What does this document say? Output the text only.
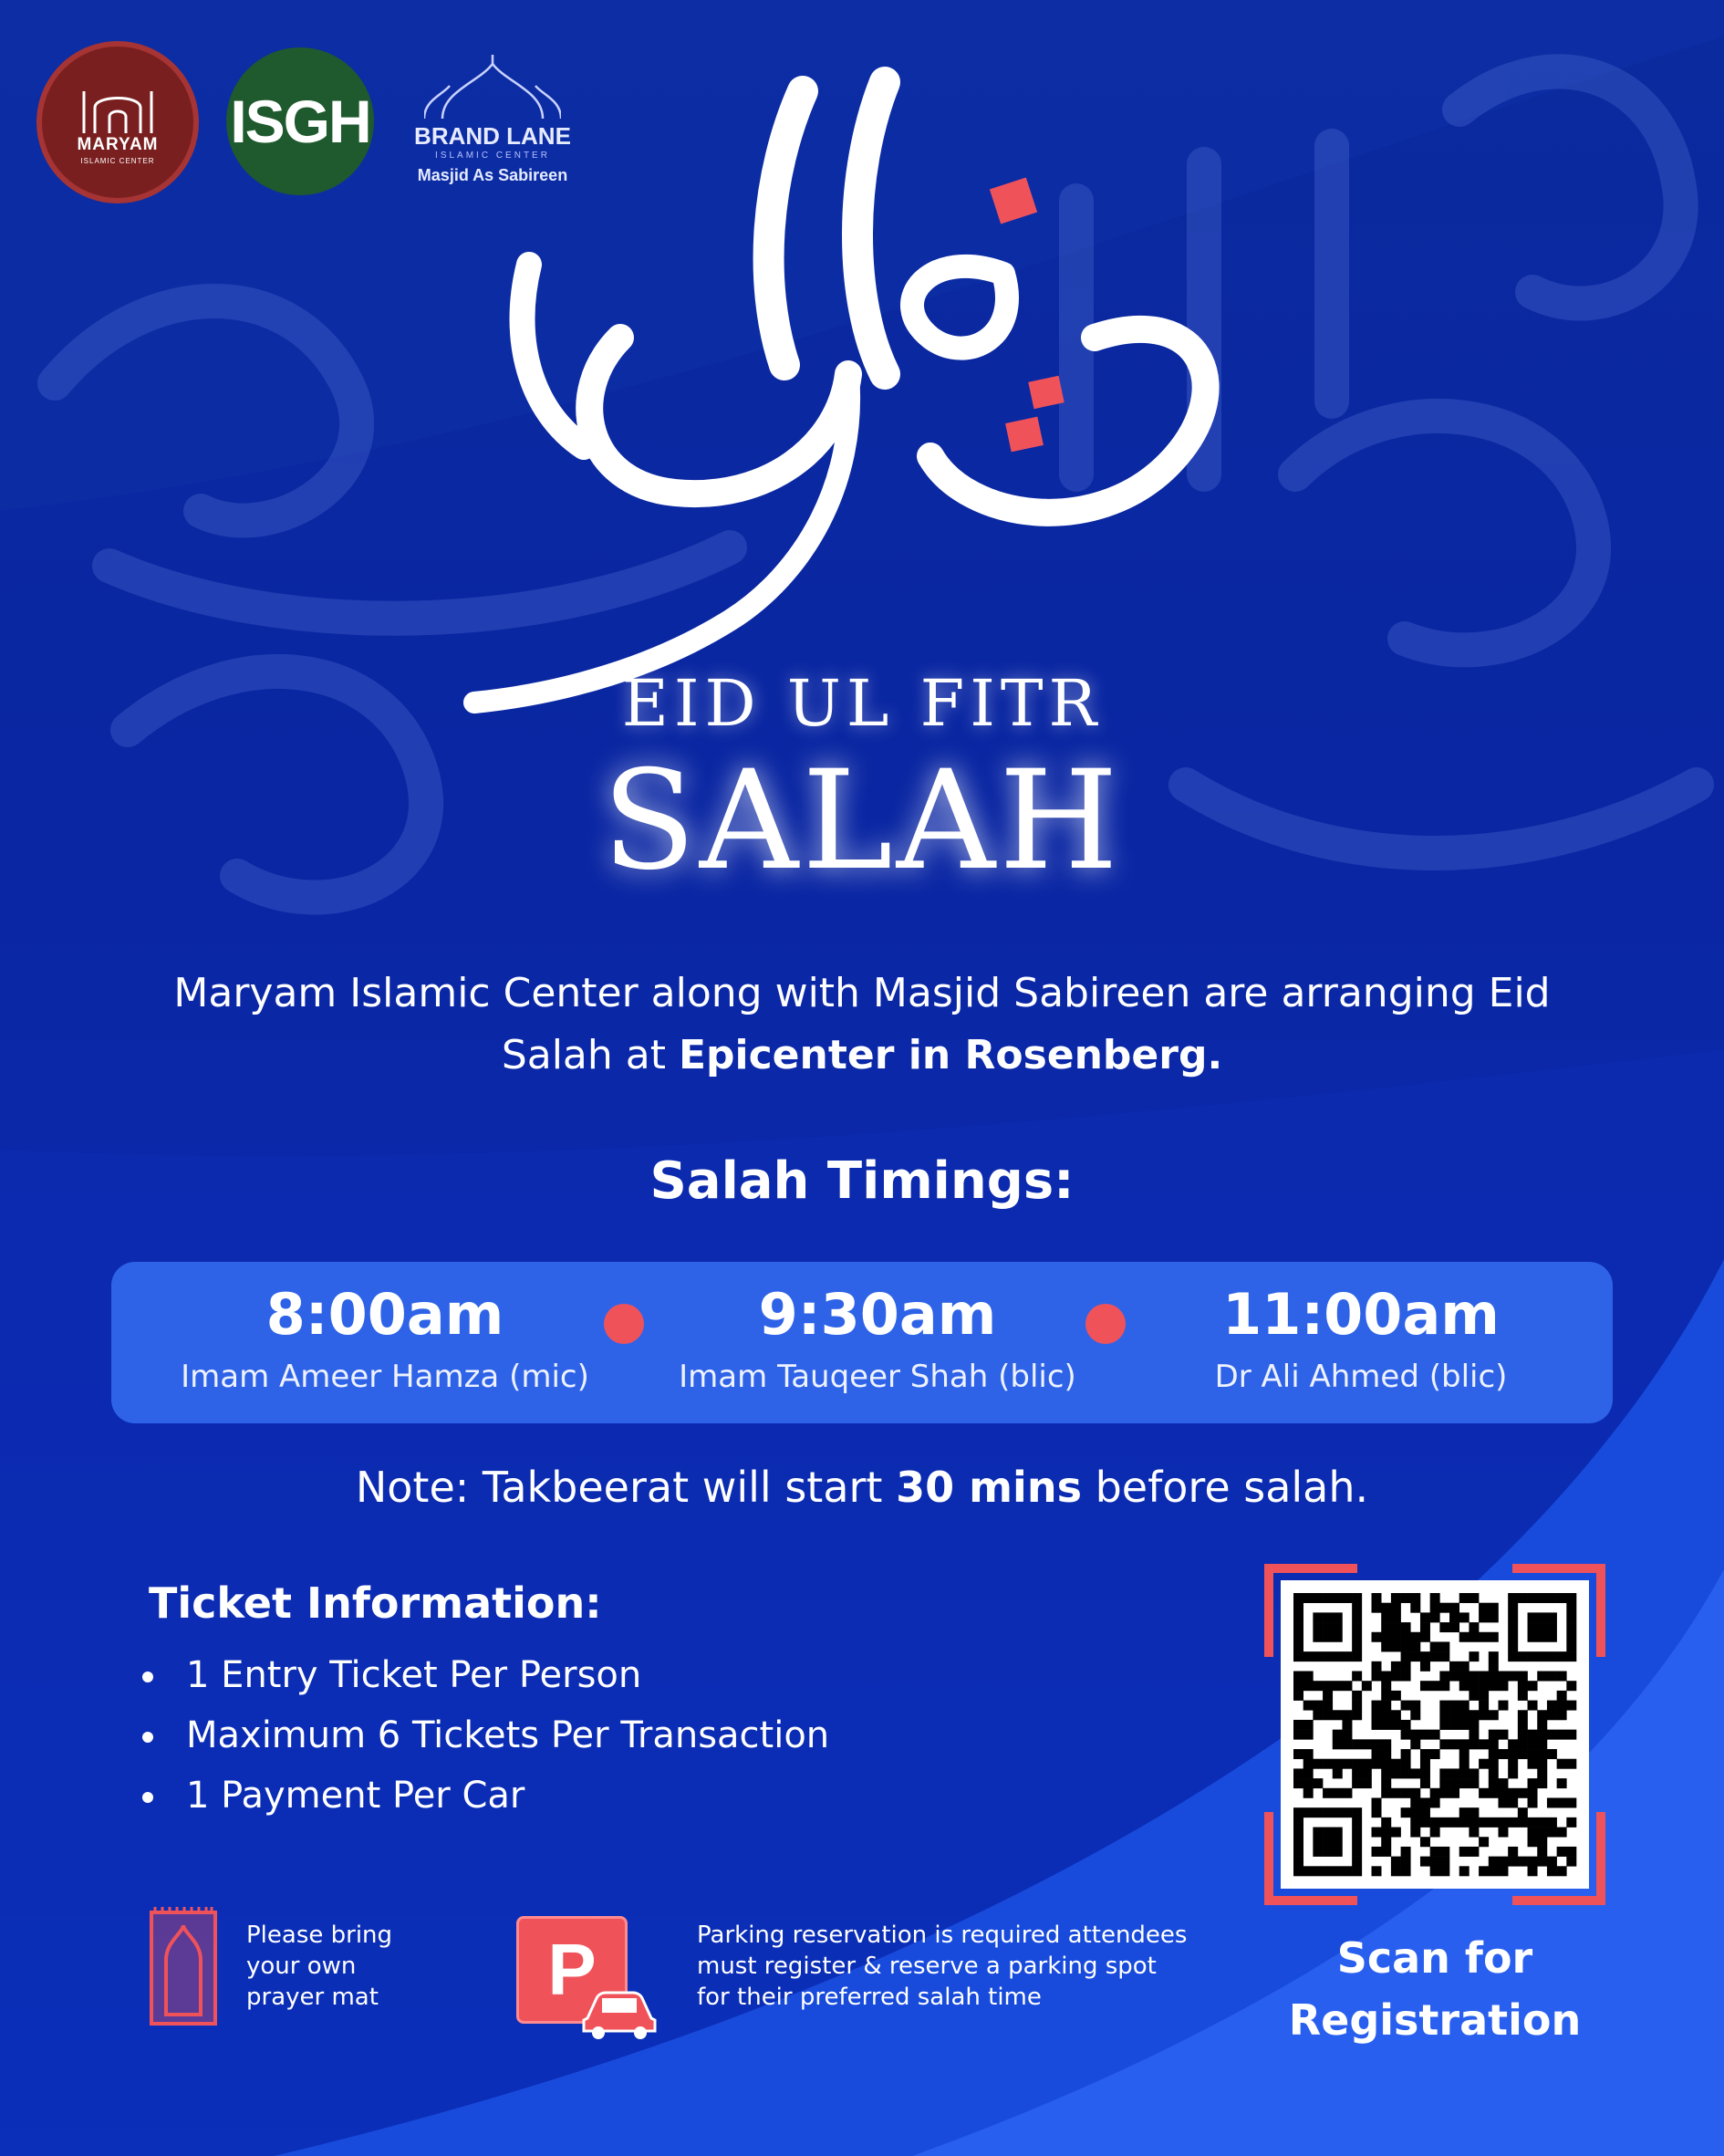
MARYAM
ISLAMIC CENTER
ISGH	BRAND LANE
ISLAMIC CENTER
Masjid As Sabireen
EID UL FITR
SALAH
Maryam Islamic Center along with Masjid Sabireen are arranging Eid Salah at Epicenter in Rosenberg.
Salah Timings:
8:00am
Imam Ameer Hamza (mic)
9:30am
Imam Tauqeer Shah (blic)
11:00am
Dr Ali Ahmed (blic)
Note: Takbeerat will start 30 mins before salah.
Ticket Information:
1 Entry Ticket Per Person
Maximum 6 Tickets Per Transaction
1 Payment Per Car
Scan for
Registration
Please bring your own prayer mat	P	Parking reservation is required attendees must register & reserve a parking spot for their preferred salah time
